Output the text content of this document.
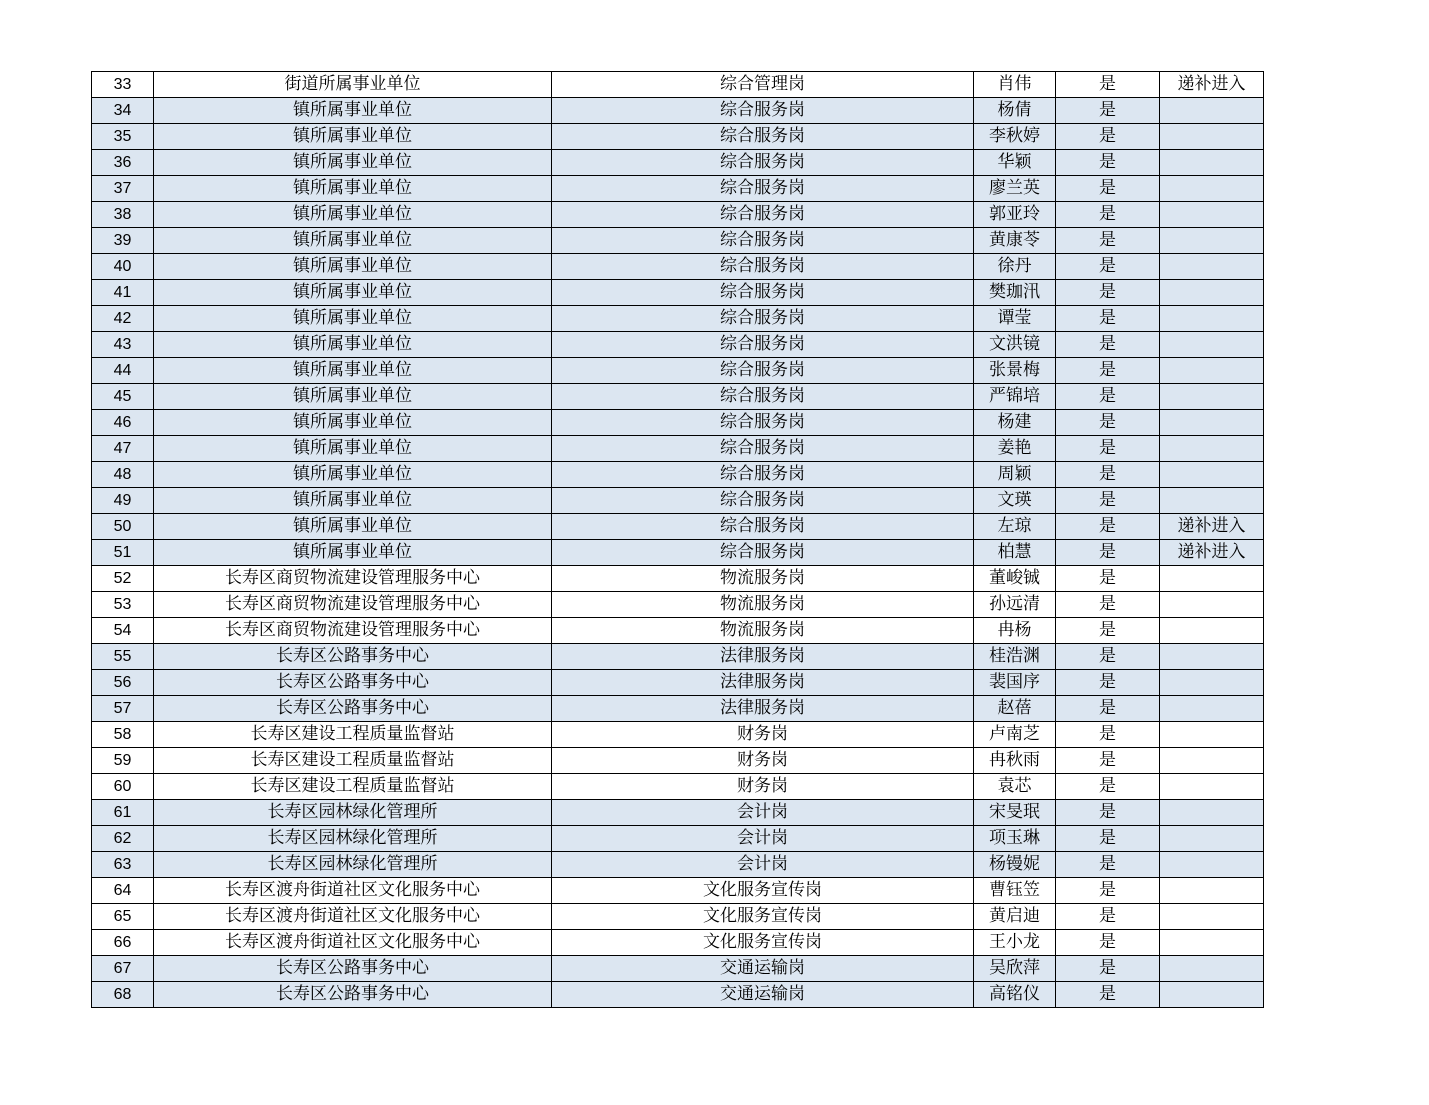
33	街道所属事业单位	综合管理岗	肖伟	是	递补进入
34	镇所属事业单位	综合服务岗	杨倩	是	
35	镇所属事业单位	综合服务岗	李秋婷	是	
36	镇所属事业单位	综合服务岗	华颖	是	
37	镇所属事业单位	综合服务岗	廖兰英	是	
38	镇所属事业单位	综合服务岗	郭亚玲	是	
39	镇所属事业单位	综合服务岗	黄康苓	是	
40	镇所属事业单位	综合服务岗	徐丹	是	
41	镇所属事业单位	综合服务岗	樊珈汛	是	
42	镇所属事业单位	综合服务岗	谭莹	是	
43	镇所属事业单位	综合服务岗	文洪镜	是	
44	镇所属事业单位	综合服务岗	张景梅	是	
45	镇所属事业单位	综合服务岗	严锦培	是	
46	镇所属事业单位	综合服务岗	杨建	是	
47	镇所属事业单位	综合服务岗	姜艳	是	
48	镇所属事业单位	综合服务岗	周颖	是	
49	镇所属事业单位	综合服务岗	文瑛	是	
50	镇所属事业单位	综合服务岗	左琼	是	递补进入
51	镇所属事业单位	综合服务岗	柏慧	是	递补进入
52	长寿区商贸物流建设管理服务中心	物流服务岗	董峻铖	是	
53	长寿区商贸物流建设管理服务中心	物流服务岗	孙远清	是	
54	长寿区商贸物流建设管理服务中心	物流服务岗	冉杨	是	
55	长寿区公路事务中心	法律服务岗	桂浩渊	是	
56	长寿区公路事务中心	法律服务岗	裴国序	是	
57	长寿区公路事务中心	法律服务岗	赵蓓	是	
58	长寿区建设工程质量监督站	财务岗	卢南芝	是	
59	长寿区建设工程质量监督站	财务岗	冉秋雨	是	
60	长寿区建设工程质量监督站	财务岗	袁芯	是	
61	长寿区园林绿化管理所	会计岗	宋旻珉	是	
62	长寿区园林绿化管理所	会计岗	项玉琳	是	
63	长寿区园林绿化管理所	会计岗	杨镘妮	是	
64	长寿区渡舟街道社区文化服务中心	文化服务宣传岗	曹钰笠	是	
65	长寿区渡舟街道社区文化服务中心	文化服务宣传岗	黄启迪	是	
66	长寿区渡舟街道社区文化服务中心	文化服务宣传岗	王小龙	是	
67	长寿区公路事务中心	交通运输岗	吴欣萍	是	
68	长寿区公路事务中心	交通运输岗	高铭仪	是	
